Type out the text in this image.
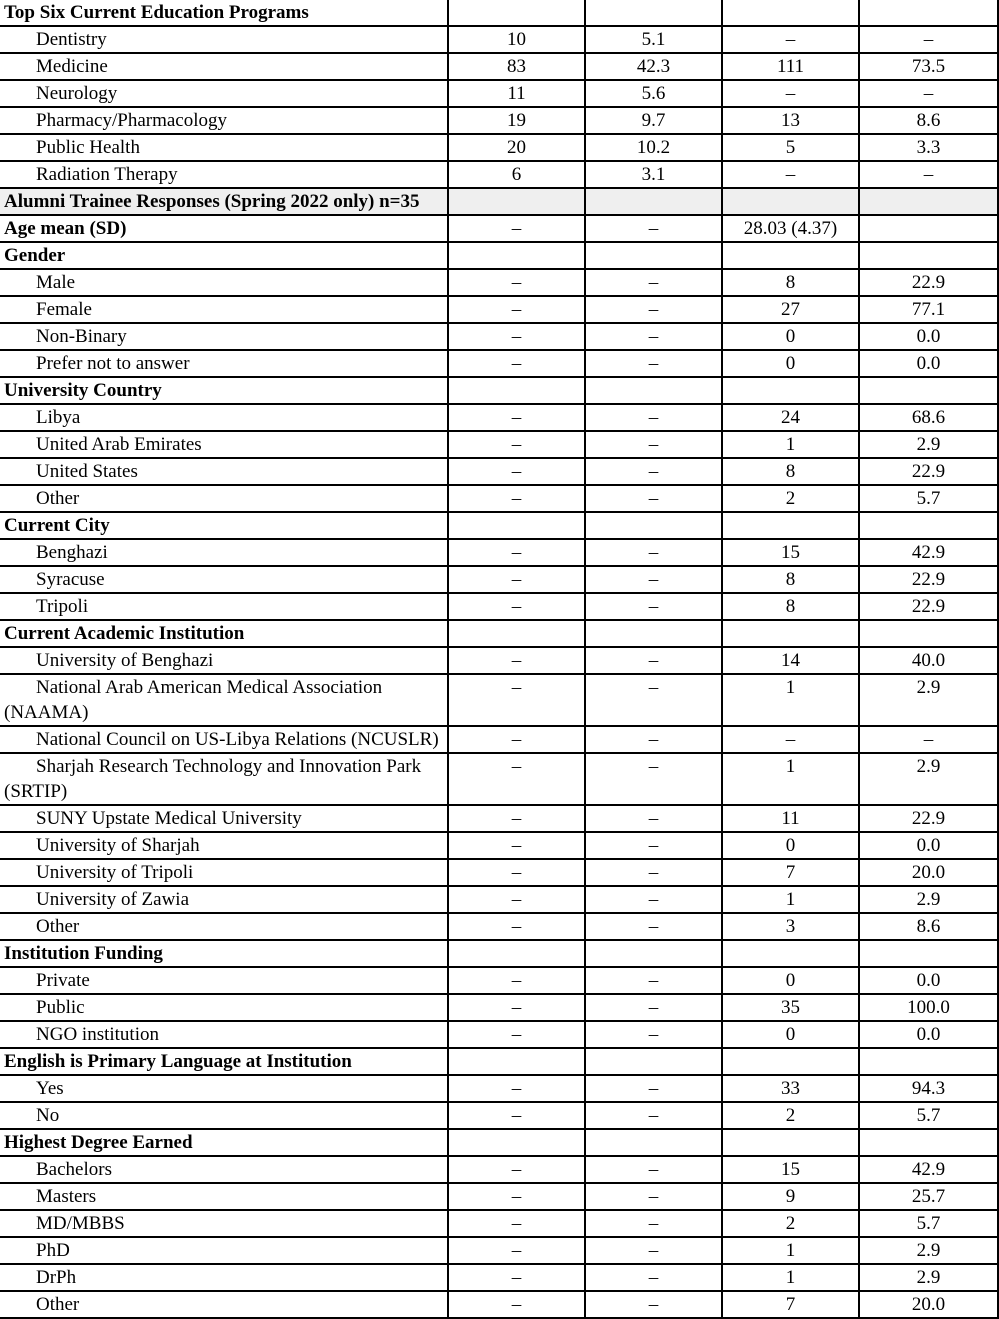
Top Six Current Education Programs				
Dentistry	10	5.1	–	–
Medicine	83	42.3	111	73.5
Neurology	11	5.6	–	–
Pharmacy/Pharmacology	19	9.7	13	8.6
Public Health	20	10.2	5	3.3
Radiation Therapy	6	3.1	–	–
Alumni Trainee Responses (Spring 2022 only) n=35				
Age mean (SD)	–	–	28.03 (4.37)	
Gender				
Male	–	–	8	22.9
Female	–	–	27	77.1
Non-Binary	–	–	0	0.0
Prefer not to answer	–	–	0	0.0
University Country				
Libya	–	–	24	68.6
United Arab Emirates	–	–	1	2.9
United States	–	–	8	22.9
Other	–	–	2	5.7
Current City				
Benghazi	–	–	15	42.9
Syracuse	–	–	8	22.9
Tripoli	–	–	8	22.9
Current Academic Institution				
University of Benghazi	–	–	14	40.0
National Arab American Medical Association (NAAMA)	–	–	1	2.9
National Council on US-Libya Relations (NCUSLR)	–	–	–	–
Sharjah Research Technology and Innovation Park (SRTIP)	–	–	1	2.9
SUNY Upstate Medical University	–	–	11	22.9
University of Sharjah	–	–	0	0.0
University of Tripoli	–	–	7	20.0
University of Zawia	–	–	1	2.9
Other	–	–	3	8.6
Institution Funding				
Private	–	–	0	0.0
Public	–	–	35	100.0
NGO institution	–	–	0	0.0
English is Primary Language at Institution				
Yes	–	–	33	94.3
No	–	–	2	5.7
Highest Degree Earned				
Bachelors	–	–	15	42.9
Masters	–	–	9	25.7
MD/MBBS	–	–	2	5.7
PhD	–	–	1	2.9
DrPh	–	–	1	2.9
Other	–	–	7	20.0
